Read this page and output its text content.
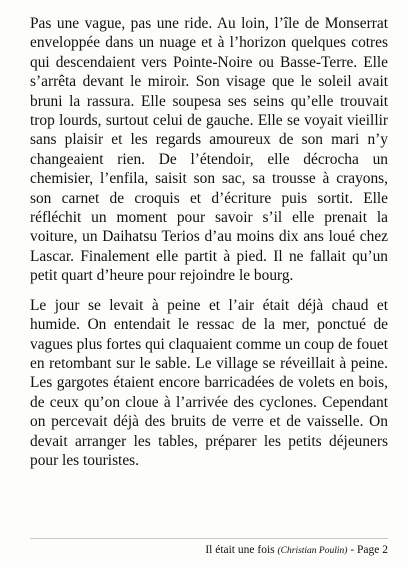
Pas une vague, pas une ride. Au loin, l’île de Monserrat enveloppée dans un nuage et à l’horizon quelques cotres qui descendaient vers Pointe-Noire ou Basse-Terre. Elle s’arrêta devant le miroir. Son visage que le soleil avait bruni la rassura. Elle soupesa ses seins qu’elle trouvait trop lourds, surtout celui de gauche. Elle se voyait vieillir sans plaisir et les regards amoureux de son mari n’y changeaient rien. De l’étendoir, elle décrocha un chemisier, l’enfila, saisit son sac, sa trousse à crayons, son carnet de croquis et d’écriture puis sortit. Elle réfléchit un moment pour savoir s’il elle prenait la voiture, un Daihatsu Terios d’au moins dix ans loué chez Lascar. Finalement elle partit à pied. Il ne fallait qu’un petit quart d’heure pour rejoindre le bourg.

Le jour se levait à peine et l’air était déjà chaud et humide. On entendait le ressac de la mer, ponctué de vagues plus fortes qui claquaient comme un coup de fouet en retombant sur le sable. Le village se réveillait à peine. Les gargotes étaient encore barricadées de volets en bois, de ceux qu’on cloue à l’arrivée des cyclones. Cependant on percevait déjà des bruits de verre et de vaisselle. On devait arranger les tables, préparer les petits déjeuners pour les touristes.

Il était une fois (Christian Poulin) - Page 2
